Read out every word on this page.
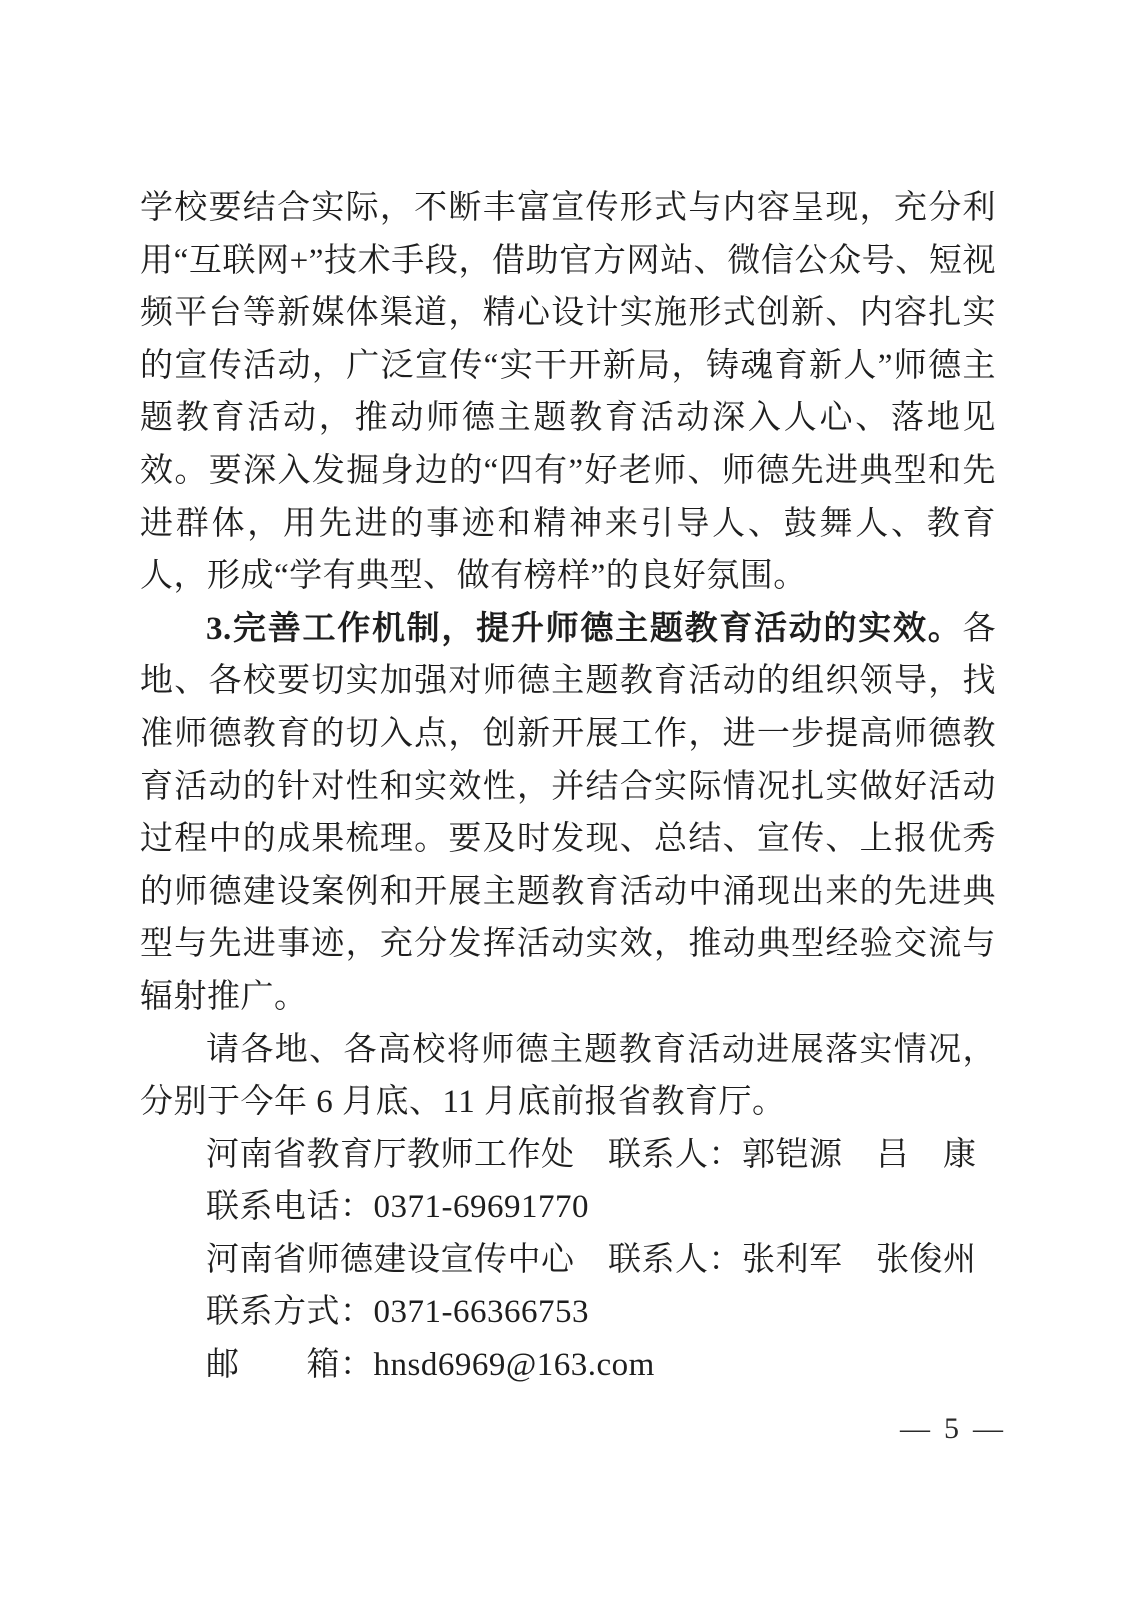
学校要结合实际，不断丰富宣传形式与内容呈现，充分利用“互联网+”技术手段，借助官方网站、微信公众号、短视频平台等新媒体渠道，精心设计实施形式创新、内容扎实的宣传活动，广泛宣传“实干开新局，铸魂育新人”师德主题教育活动，推动师德主题教育活动深入人心、落地见效。要深入发掘身边的“四有”好老师、师德先进典型和先进群体，用先进的事迹和精神来引导人、鼓舞人、教育人，形成“学有典型、做有榜样”的良好氛围。

3.完善工作机制，提升师德主题教育活动的实效。各地、各校要切实加强对师德主题教育活动的组织领导，找准师德教育的切入点，创新开展工作，进一步提高师德教育活动的针对性和实效性，并结合实际情况扎实做好活动过程中的成果梳理。要及时发现、总结、宣传、上报优秀的师德建设案例和开展主题教育活动中涌现出来的先进典型与先进事迹，充分发挥活动实效，推动典型经验交流与辐射推广。

请各地、各高校将师德主题教育活动进展落实情况，分别于今年 6 月底、11 月底前报省教育厅。

河南省教育厅教师工作处　联系人：郭铠源　吕　康

联系电话：0371-69691770

河南省师德建设宣传中心　联系人：张利军　张俊州

联系方式：0371-66366753

邮　　箱：hnsd6969@163.com

— 5 —
